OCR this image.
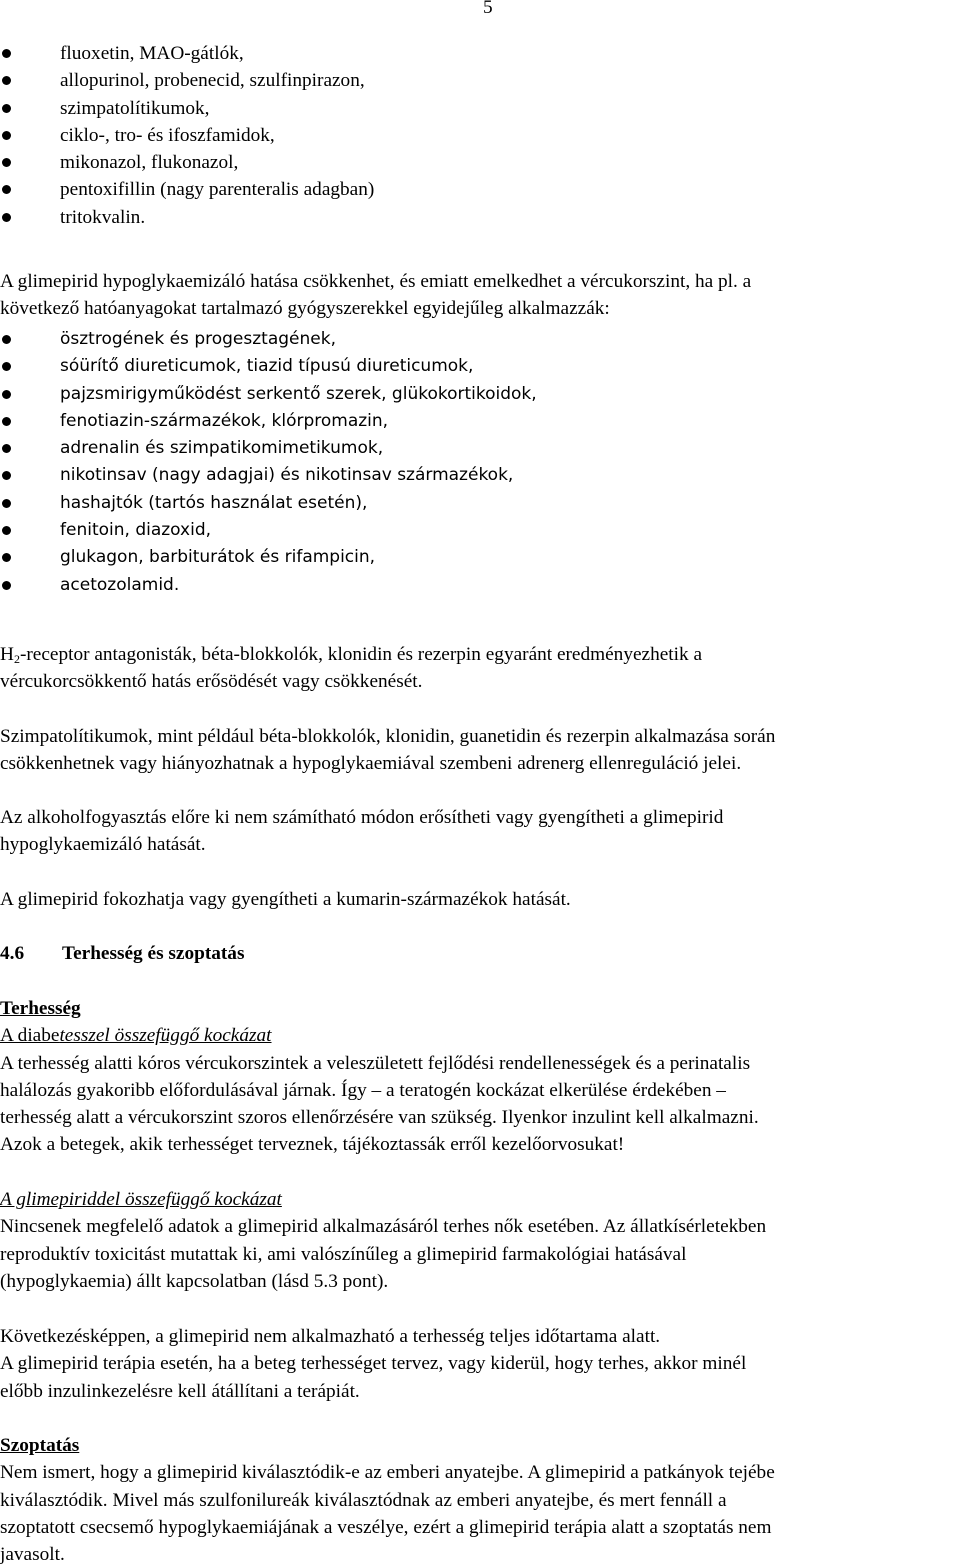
5

fluoxetin, MAO-gátlók,
allopurinol, probenecid, szulfinpirazon,
szimpatolítikumok,
ciklo-, tro- és ifoszfamidok,
mikonazol, flukonazol,
pentoxifillin (nagy parenteralis adagban)
tritokvalin.

A glimepirid hypoglykaemizáló hatása csökkenhet, és emiatt emelkedhet a vércukorszint, ha pl. a

következő hatóanyagokat tartalmazó gyógyszerekkel egyidejűleg alkalmazzák:

ösztrogének és progesztagének,
sóürítő diureticumok, tiazid típusú diureticumok,
pajzsmirigyműködést serkentő szerek, glükokortikoidok,
fenotiazin-származékok, klórpromazin,
adrenalin és szimpatikomimetikumok,
nikotinsav (nagy adagjai) és nikotinsav származékok,
hashajtók (tartós használat esetén),
fenitoin, diazoxid,
glukagon, barbiturátok és rifampicin,
acetozolamid.

$H_2$-receptor antagonisták, béta-blokkolók, klonidin és rezerpin egyaránt eredményezhetik a

vércukorcsökkentő hatás erősödését vagy csökkenését.

Szimpatolítikumok, mint például béta-blokkolók, klonidin, guanetidin és rezerpin alkalmazása során

csökkenhetnek vagy hiányozhatnak a hypoglykaemiával szembeni adrenerg ellenreguláció jelei.

Az alkoholfogyasztás előre ki nem számítható módon erősítheti vagy gyengítheti a glimepirid

hypoglykaemizáló hatását.

A glimepirid fokozhatja vagy gyengítheti a kumarin-származékok hatását.

4.6 Terhesség és szoptatás

Terhesség

A diabetesszel összefüggő kockázat

A terhesség alatti kóros vércukorszintek a veleszületett fejlődési rendellenességek és a perinatalis

halálozás gyakoribb előfordulásával járnak. Így – a teratogén kockázat elkerülése érdekében –

terhesség alatt a vércukorszint szoros ellenőrzésére van szükség. Ilyenkor inzulint kell alkalmazni.

Azok a betegek, akik terhességet terveznek, tájékoztassák erről kezelőorvosukat!

A glimepiriddel összefüggő kockázat

Nincsenek megfelelő adatok a glimepirid alkalmazásáról terhes nők esetében. Az állatkísérletekben

reproduktív toxicitást mutattak ki, ami valószínűleg a glimepirid farmakológiai hatásával

(hypoglykaemia) állt kapcsolatban (lásd 5.3 pont).

Következésképpen, a glimepirid nem alkalmazható a terhesség teljes időtartama alatt.

A glimepirid terápia esetén, ha a beteg terhességet tervez, vagy kiderül, hogy terhes, akkor minél

előbb inzulinkezelésre kell átállítani a terápiát.

Szoptatás

Nem ismert, hogy a glimepirid kiválasztódik-e az emberi anyatejbe. A glimepirid a patkányok tejébe

kiválasztódik. Mivel más szulfonilureák kiválasztódnak az emberi anyatejbe, és mert fennáll a

szoptatott csecsemő hypoglykaemiájának a veszélye, ezért a glimepirid terápia alatt a szoptatás nem

javasolt.
